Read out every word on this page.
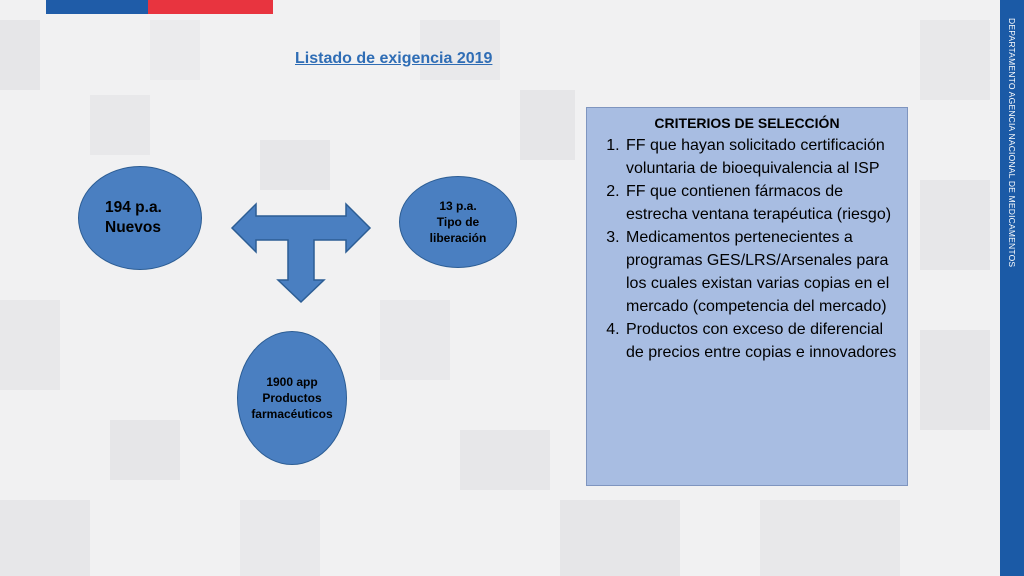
DEPARTAMENTO AGENCIA NACIONAL DE MEDICAMENTOS
Listado de exigencia 2019
194 p.a.
Nuevos
13 p.a.
Tipo de
liberación
1900 app
Productos
farmacéuticos
CRITERIOS DE SELECCIÓN
1. FF que hayan solicitado certificación voluntaria de bioequivalencia al ISP
2. FF que contienen fármacos de estrecha ventana terapéutica (riesgo)
3. Medicamentos pertenecientes a programas GES/LRS/Arsenales para los cuales existan varias copias en el mercado (competencia del mercado)
4. Productos con exceso de diferencial de precios entre copias e innovadores
